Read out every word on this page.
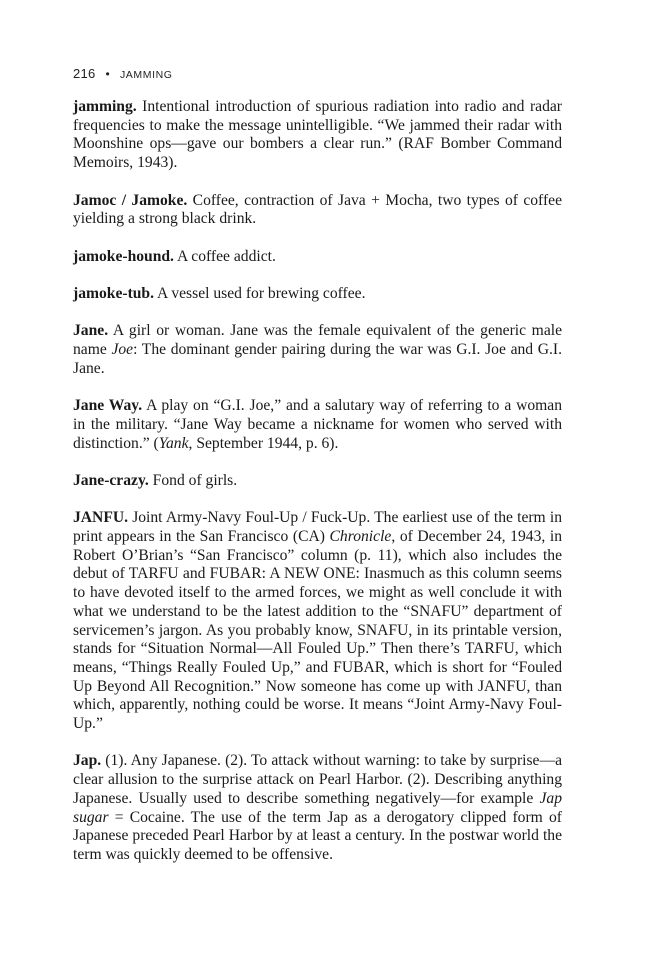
216 • JAMMING

jamming. Intentional introduction of spurious radiation into radio and radar frequencies to make the message unintelligible. “We jammed their radar with Moonshine ops—gave our bombers a clear run.” (RAF Bomber Command Memoirs, 1943).

Jamoc / Jamoke. Coffee, contraction of Java + Mocha, two types of coffee yielding a strong black drink.

jamoke-hound. A coffee addict.

jamoke-tub. A vessel used for brewing coffee.

Jane. A girl or woman. Jane was the female equivalent of the generic male name Joe: The dominant gender pairing during the war was G.I. Joe and G.I. Jane.

Jane Way. A play on “G.I. Joe,” and a salutary way of referring to a woman in the military. “Jane Way became a nickname for women who served with distinction.” (Yank, September 1944, p. 6).

Jane-crazy. Fond of girls.

JANFU. Joint Army-Navy Foul-Up / Fuck-Up. The earliest use of the term in print appears in the San Francisco (CA) Chronicle, of December 24, 1943, in Robert O’Brian’s “San Francisco” column (p. 11), which also includes the debut of TARFU and FUBAR: A NEW ONE: Inasmuch as this column seems to have devoted itself to the armed forces, we might as well conclude it with what we understand to be the latest addition to the “SNAFU” department of servicemen’s jargon. As you probably know, SNAFU, in its printable version, stands for “Situation Normal—All Fouled Up.” Then there’s TARFU, which means, “Things Really Fouled Up,” and FUBAR, which is short for “Fouled Up Beyond All Recognition.” Now someone has come up with JANFU, than which, apparently, nothing could be worse. It means “Joint Army-Navy Foul-Up.”

Jap. (1). Any Japanese. (2). To attack without warning: to take by surprise—a clear allusion to the surprise attack on Pearl Harbor. (2). Describing anything Japanese. Usually used to describe something negatively—for example Jap sugar = Cocaine. The use of the term Jap as a derogatory clipped form of Japanese preceded Pearl Harbor by at least a century. In the postwar world the term was quickly deemed to be offensive.
